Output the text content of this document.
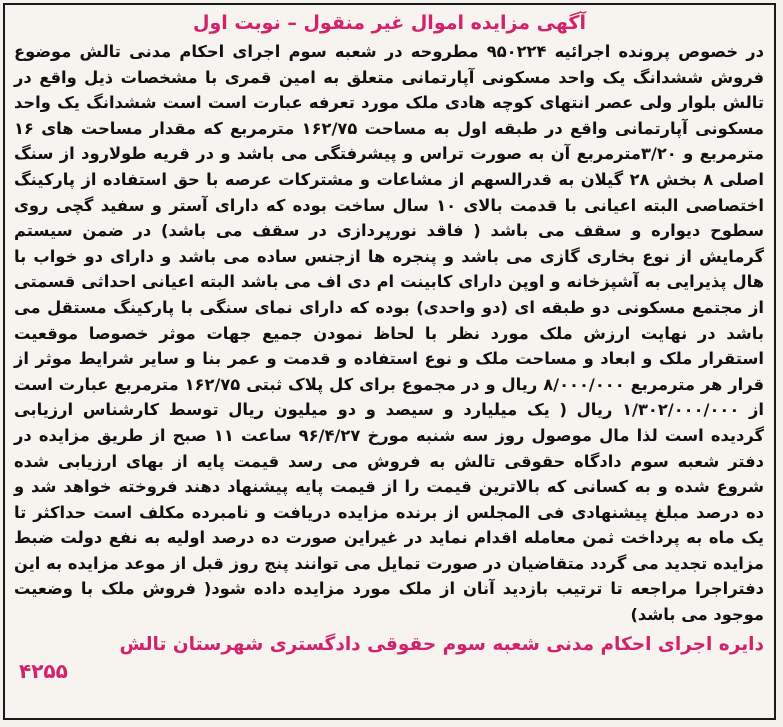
آگهی مزایده اموال غیر منقول – نوبت اول

در خصوص پرونده اجرائیه ۹۵۰۲۲۴ مطروحه در شعبه سوم اجرای احکام مدنی تالش موضوع فروش ششدانگ یک واحد مسکونی آپارتمانی متعلق به امین قمری با مشخصات ذیل واقع در تالش بلوار ولی عصر انتهای کوچه هادی ملک مورد تعرفه عبارت است است ششدانگ یک واحد مسکونی آپارتمانی واقع در طبقه اول به مساحت ۱۶۲/۷۵ مترمربع که مقدار مساحت های ۱۶ مترمربع و ۳/۲۰مترمربع آن به صورت تراس و پیشرفتگی می باشد و در قریه طولارود از سنگ اصلی ۸ بخش ۲۸ گیلان به قدرالسهم از مشاعات و مشترکات عرصه با حق استفاده از پارکینگ اختصاصی البته اعیانی با قدمت بالای ۱۰ سال ساخت بوده که دارای آستر و سفید گچی روی سطوح دیواره و سقف می باشد ( فاقد نورپردازی در سقف می باشد) در ضمن سیستم گرمایش از نوع بخاری گازی می باشد و پنجره ها ازجنس ساده می باشد و دارای دو خواب با هال پذیرایی به آشپزخانه و اوپن دارای کابینت ام دی اف می باشد البته اعیانی احداثی قسمتی از مجتمع مسکونی دو طبقه ای (دو واحدی) بوده که دارای نمای سنگی با پارکینگ مستقل می باشد در نهایت ارزش ملک مورد نظر با لحاظ نمودن جمیع جهات موثر خصوصا موقعیت استقرار ملک و ابعاد و مساحت ملک و نوع استفاده و قدمت و عمر بنا و سایر شرایط موثر از قرار هر مترمربع ۸/۰۰۰/۰۰۰ ریال و در مجموع برای کل پلاک ثبتی ۱۶۲/۷۵ مترمربع عبارت است از ۱/۳۰۲/۰۰۰/۰۰۰ ریال ( یک میلیارد و سیصد و دو میلیون ریال توسط کارشناس ارزیابی گردیده است لذا مال موصول روز سه شنبه مورخ ۹۶/۴/۲۷ ساعت ۱۱ صبح از طریق مزایده در دفتر شعبه سوم دادگاه حقوقی تالش به فروش می رسد قیمت پایه از بهای ارزیابی شده شروع شده و به کسانی که بالاترین قیمت را از قیمت پایه پیشنهاد دهند فروخته خواهد شد و ده درصد مبلغ پیشنهادی فی المجلس از برنده مزایده دریافت و نامبرده مکلف است حداکثر تا یک ماه به پرداخت ثمن معامله اقدام نماید در غیراین صورت ده درصد اولیه به نفع دولت ضبط مزایده تجدید می گردد متقاضیان در صورت تمایل می توانند پنج روز قبل از موعد مزایده به این دفتراجرا مراجعه تا ترتیب بازدید آنان از ملک مورد مزایده داده شود( فروش ملک با وضعیت موجود می باشد)

دایره اجرای احکام مدنی شعبه سوم حقوقی دادگستری شهرستان تالش
۴۲۵۵
